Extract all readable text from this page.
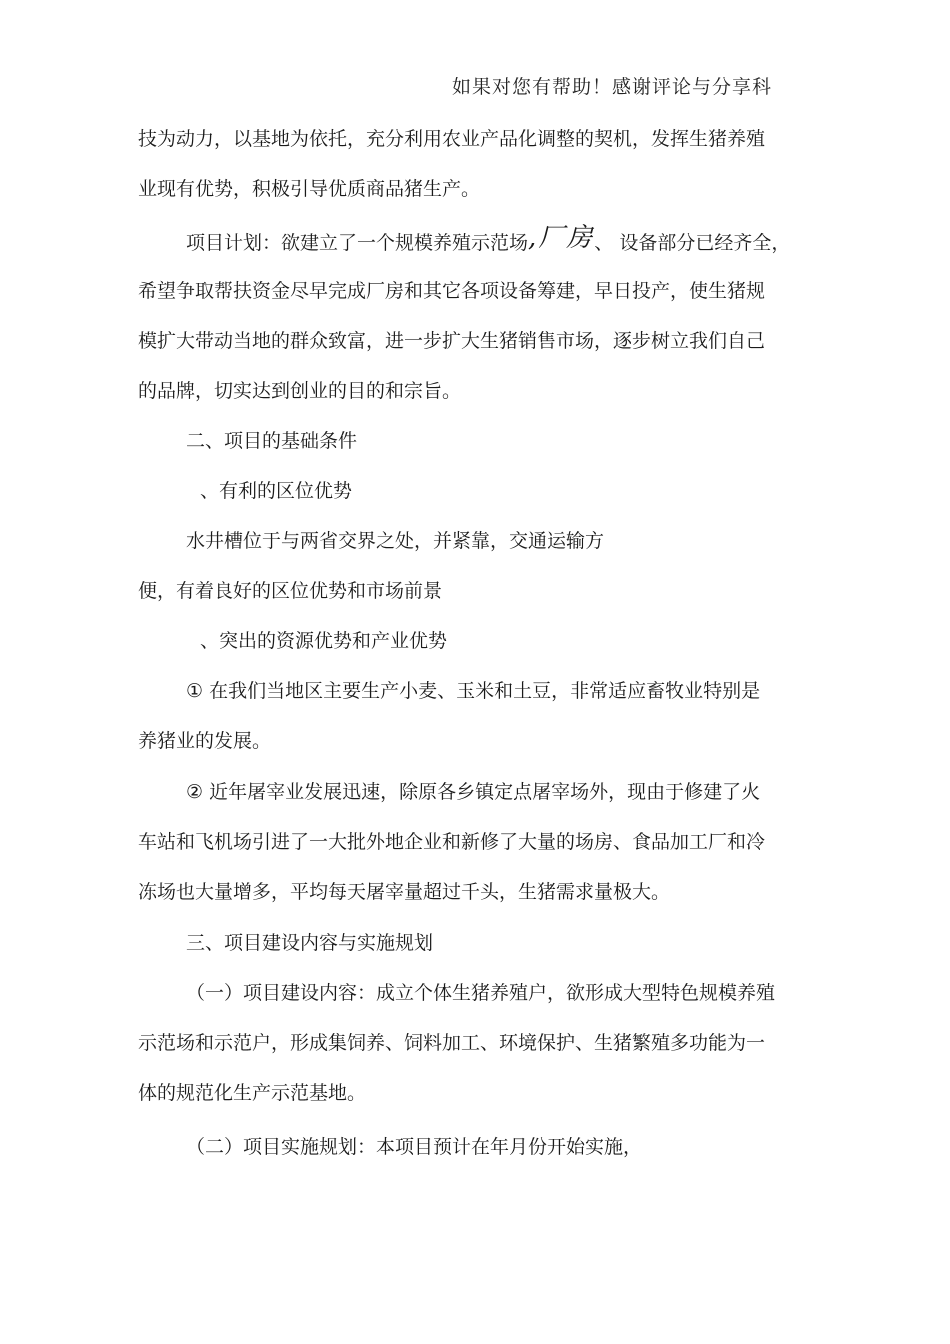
如果对您有帮助！感谢评论与分享科
技为动力，以基地为依托，充分利用农业产品化调整的契机，发挥生猪养殖
业现有优势，积极引导优质商品猪生产。
项目计划：欲建立了一个规模养殖示范场,厂房、 设备部分已经齐全，
希望争取帮扶资金尽早完成厂房和其它各项设备筹建，早日投产，使生猪规
模扩大带动当地的群众致富，进一步扩大生猪销售市场，逐步树立我们自己
的品牌，切实达到创业的目的和宗旨。
二、项目的基础条件
、有利的区位优势
水井槽位于与两省交界之处，并紧靠，交通运输方
便，有着良好的区位优势和市场前景
、突出的资源优势和产业优势
① 在我们当地区主要生产小麦、玉米和土豆，非常适应畜牧业特别是
养猪业的发展。
② 近年屠宰业发展迅速，除原各乡镇定点屠宰场外，现由于修建了火
车站和飞机场引进了一大批外地企业和新修了大量的场房、食品加工厂和冷
冻场也大量增多，平均每天屠宰量超过千头，生猪需求量极大。
三、项目建设内容与实施规划
（一）项目建设内容：成立个体生猪养殖户，欲形成大型特色规模养殖
示范场和示范户，形成集饲养、饲料加工、环境保护、生猪繁殖多功能为一
体的规范化生产示范基地。
（二）项目实施规划：本项目预计在年月份开始实施，
